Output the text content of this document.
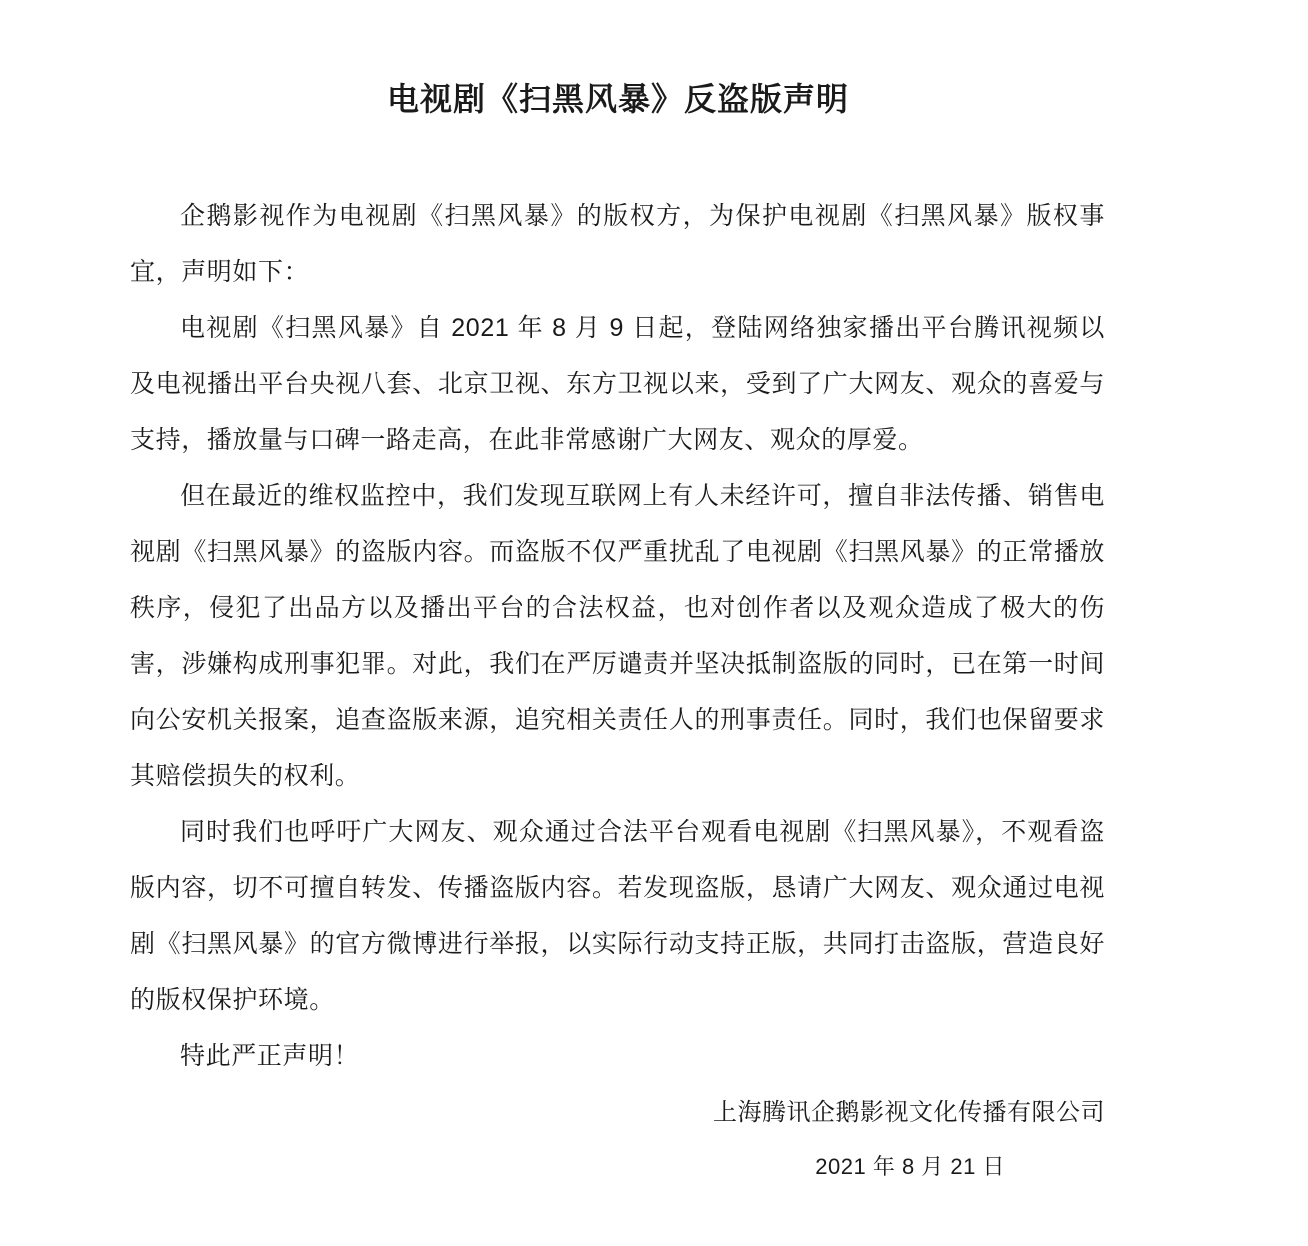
电视剧《扫黑风暴》反盗版声明

企鹅影视作为电视剧《扫黑风暴》的版权方，为保护电视剧《扫黑风暴》版权事宜，声明如下：

电视剧《扫黑风暴》自 2021 年 8 月 9 日起，登陆网络独家播出平台腾讯视频以及电视播出平台央视八套、北京卫视、东方卫视以来，受到了广大网友、观众的喜爱与支持，播放量与口碑一路走高，在此非常感谢广大网友、观众的厚爱。

但在最近的维权监控中，我们发现互联网上有人未经许可，擅自非法传播、销售电视剧《扫黑风暴》的盗版内容。而盗版不仅严重扰乱了电视剧《扫黑风暴》的正常播放秩序，侵犯了出品方以及播出平台的合法权益，也对创作者以及观众造成了极大的伤害，涉嫌构成刑事犯罪。对此，我们在严厉谴责并坚决抵制盗版的同时，已在第一时间向公安机关报案，追查盗版来源，追究相关责任人的刑事责任。同时，我们也保留要求其赔偿损失的权利。

同时我们也呼吁广大网友、观众通过合法平台观看电视剧《扫黑风暴》，不观看盗版内容，切不可擅自转发、传播盗版内容。若发现盗版，恳请广大网友、观众通过电视剧《扫黑风暴》的官方微博进行举报，以实际行动支持正版，共同打击盗版，营造良好的版权保护环境。

特此严正声明！

上海腾讯企鹅影视文化传播有限公司
2021 年 8 月 21 日
